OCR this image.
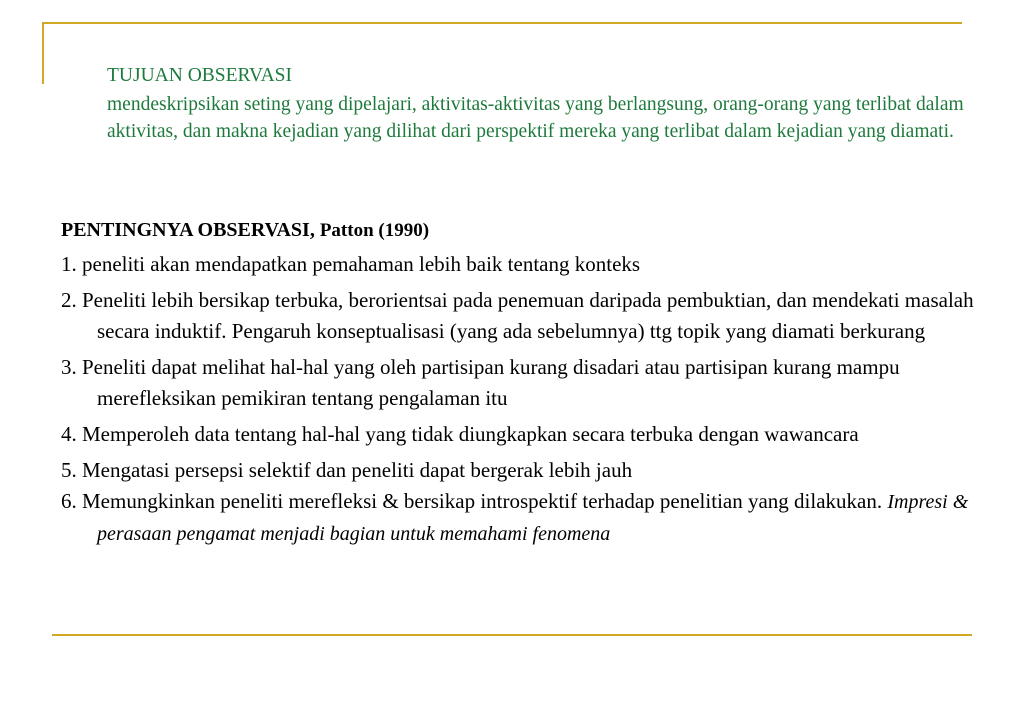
TUJUAN OBSERVASI
mendeskripsikan seting yang dipelajari, aktivitas-aktivitas yang berlangsung, orang-orang yang terlibat dalam aktivitas, dan makna kejadian yang dilihat dari perspektif mereka yang terlibat dalam kejadian yang diamati.
PENTINGNYA OBSERVASI, Patton (1990)
1. peneliti akan mendapatkan pemahaman lebih baik tentang konteks
2. Peneliti lebih bersikap terbuka, berorientsai pada penemuan daripada pembuktian, dan mendekati masalah secara induktif. Pengaruh konseptualisasi (yang ada sebelumnya) ttg topik yang diamati berkurang
3. Peneliti dapat melihat hal-hal yang oleh partisipan kurang disadari atau partisipan kurang mampu merefleksikan pemikiran tentang pengalaman itu
4. Memperoleh data tentang hal-hal yang tidak diungkapkan secara terbuka dengan wawancara
5. Mengatasi persepsi selektif dan peneliti dapat bergerak lebih jauh
6. Memungkinkan peneliti merefleksi & bersikap introspektif terhadap penelitian yang dilakukan. Impresi & perasaan pengamat menjadi bagian untuk memahami fenomena
